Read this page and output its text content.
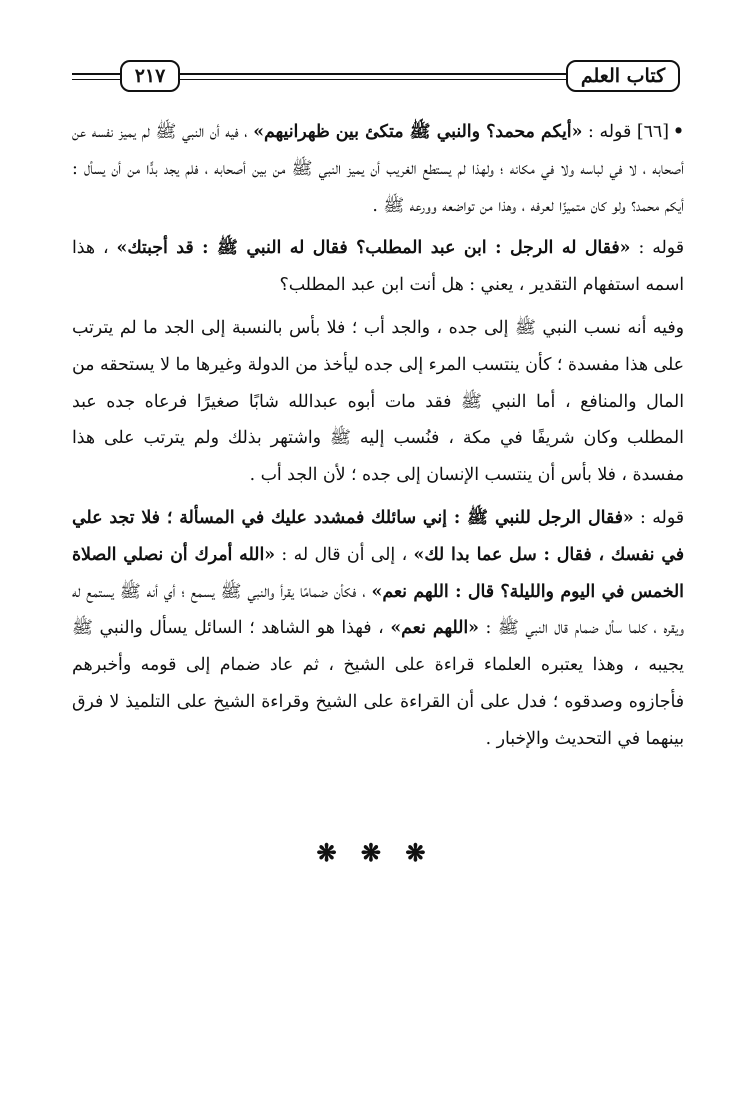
كتاب العلم
٢١٧

•[٦٦] قوله : «أيكم محمد؟ والنبي ﷺ متكئ بين ظهرانيهم» ، فيه أن النبي ﷺ لم يميز نفسه عن أصحابه ، لا في لباسه ولا في مكانه ؛ ولهذا لم يستطع الغريب أن يميز النبي ﷺ من بين أصحابه ، فلم يجد بدًّا من أن يسأل : أيكم محمد؟ ولو كان متميزًا لعرفه ، وهذا من تواضعه وورعه ﷺ .

قوله : «فقال له الرجل : ابن عبد المطلب؟ فقال له النبي ﷺ : قد أجبتك» ، هذا اسمه استفهام التقدير ، يعني : هل أنت ابن عبد المطلب؟

وفيه أنه نسب النبي ﷺ إلى جده ، والجد أب ؛ فلا بأس بالنسبة إلى الجد ما لم يترتب على هذا مفسدة ؛ كأن ينتسب المرء إلى جده ليأخذ من الدولة وغيرها ما لا يستحقه من المال والمنافع ، أما النبي ﷺ فقد مات أبوه عبدالله شابًا صغيرًا فرعاه جده عبد المطلب وكان شريفًا في مكة ، فنُسب إليه ﷺ واشتهر بذلك ولم يترتب على هذا مفسدة ، فلا بأس أن ينتسب الإنسان إلى جده ؛ لأن الجد أب .

قوله : «فقال الرجل للنبي ﷺ : إني سائلك فمشدد عليك في المسألة ؛ فلا تجد علي في نفسك ، فقال : سل عما بدا لك» ، إلى أن قال له : «الله أمرك أن نصلي الصلاة الخمس في اليوم والليلة؟ قال : اللهم نعم» ، فكأن ضمامًا يقرأ والنبي ﷺ يسمع ؛ أي أنه ﷺ يستمع له ويقره ، كلما سأل ضمام قال النبي ﷺ : «اللهم نعم» ، فهذا هو الشاهد ؛ السائل يسأل والنبي ﷺ يجيبه ، وهذا يعتبره العلماء قراءة على الشيخ ، ثم عاد ضمام إلى قومه وأخبرهم فأجازوه وصدقوه ؛ فدل على أن القراءة على الشيخ وقراءة الشيخ على التلميذ لا فرق بينهما في التحديث والإخبار .

❋ ❋ ❋
